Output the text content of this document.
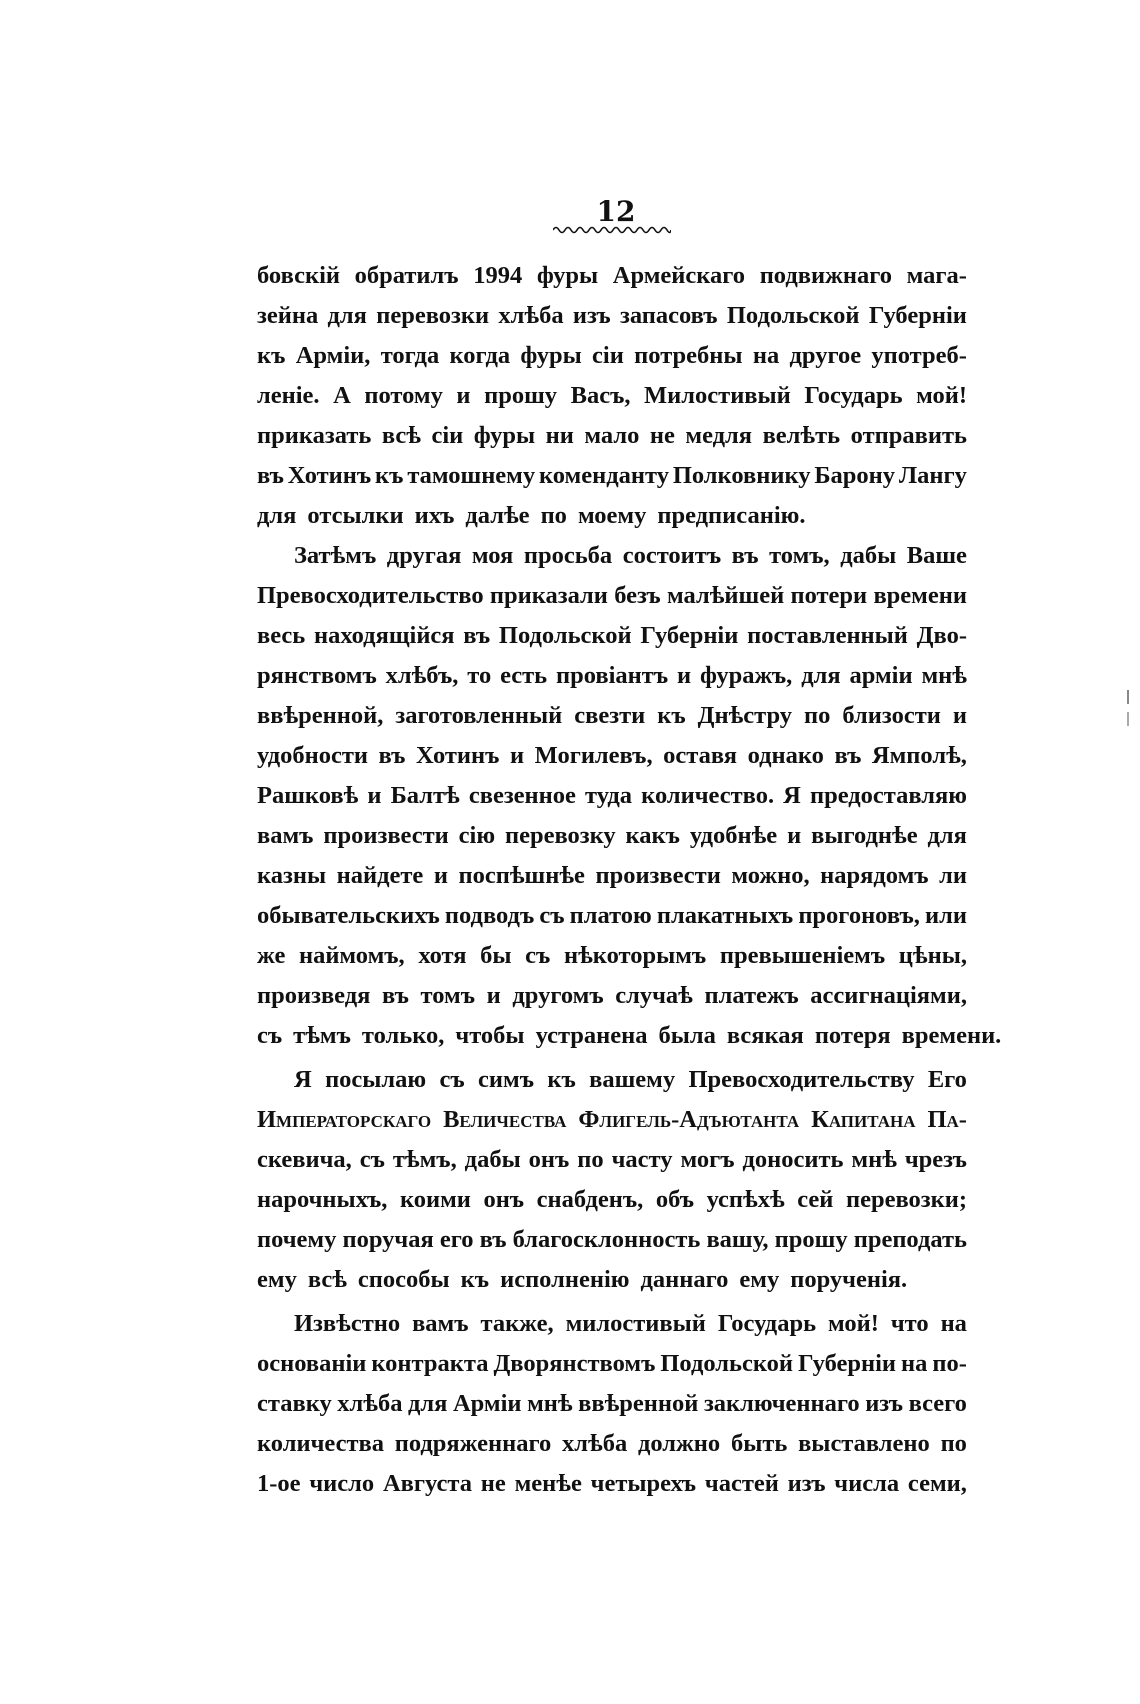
12
бовскій обратилъ 1994 фуры Армейскаго подвижнаго мага-
зейна для перевозки хлѣба изъ запасовъ Подольской Губерніи
къ Арміи, тогда когда фуры сіи потребны на другое употреб-
леніе. А потому и прошу Васъ, Милостивый Государь мой!
приказать всѣ сіи фуры ни мало не медля велѣть отправить
въ Хотинъ къ тамошнему коменданту Полковнику Барону Лангу
для отсылки ихъ далѣе по моему предписанію.
Затѣмъ другая моя просьба состоитъ въ томъ, дабы Ваше
Превосходительство приказали безъ малѣйшей потери времени
весь находящійся въ Подольской Губерніи поставленный Дво-
рянствомъ хлѣбъ, то есть провіантъ и фуражъ, для арміи мнѣ
ввѣренной, заготовленный свезти къ Днѣстру по близости и
удобности въ Хотинъ и Могилевъ, оставя однако въ Ямполѣ,
Рашковѣ и Балтѣ свезенное туда количество. Я предоставляю
вамъ произвести сію перевозку какъ удобнѣе и выгоднѣе для
казны найдете и поспѣшнѣе произвести можно, нарядомъ ли
обывательскихъ подводъ съ платою плакатныхъ прогоновъ, или
же наймомъ, хотя бы съ нѣкоторымъ превышеніемъ цѣны,
произведя въ томъ и другомъ случаѣ платежъ ассигнаціями,
съ тѣмъ только, чтобы устранена была всякая потеря времени.
Я посылаю съ симъ къ вашему Превосходительству Его
Императорскаго Величества Флигель-Адъютанта Капитана Па-
скевича, съ тѣмъ, дабы онъ по часту могъ доносить мнѣ чрезъ
нарочныхъ, коими онъ снабденъ, объ успѣхѣ сей перевозки;
почему поручая его въ благосклонность вашу, прошу преподать
ему всѣ способы къ исполненію даннаго ему порученія.
Извѣстно вамъ также, милостивый Государь мой! что на
основаніи контракта Дворянствомъ Подольской Губерніи на по-
ставку хлѣба для Арміи мнѣ ввѣренной заключеннаго изъ всего
количества подряженнаго хлѣба должно быть выставлено по
1-ое число Августа не менѣе четырехъ частей изъ числа семи,
